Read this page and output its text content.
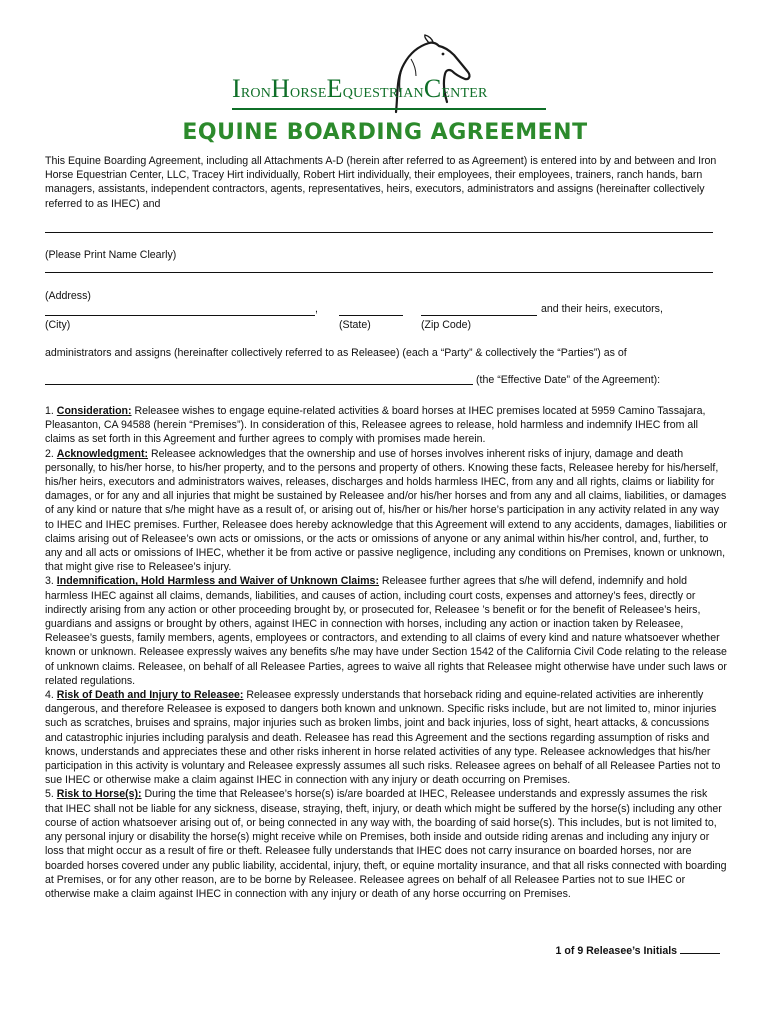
IRONHORSEEQUESTRIANCENTER
EQUINE BOARDING AGREEMENT
This Equine Boarding Agreement, including all Attachments A-D (herein after referred to as Agreement) is entered into by and between and Iron Horse Equestrian Center, LLC, Tracey Hirt individually, Robert Hirt individually, their employees, their employees, trainers, ranch hands, barn managers, assistants, independent contractors, agents, representatives, heirs, executors, administrators and assigns (hereinafter collectively referred to as IHEC) and
(Please Print Name Clearly)
(Address)
,	and their heirs, executors,
(City)	(State)	(Zip Code)
administrators and assigns (hereinafter collectively referred to as Releasee) (each a “Party” & collectively the “Parties”) as of
(the “Effective Date” of the Agreement):

1. Consideration: Releasee wishes to engage equine-related activities & board horses at IHEC premises located at 5959 Camino Tassajara, Pleasanton, CA 94588 (herein “Premises”). In consideration of this, Releasee agrees to release, hold harmless and indemnify IHEC from all claims as set forth in this Agreement and further agrees to comply with promises made herein.

2. Acknowledgment: Releasee acknowledges that the ownership and use of horses involves inherent risks of injury, damage and death personally, to his/her horse, to his/her property, and to the persons and property of others. Knowing these facts, Releasee hereby for his/herself, his/her heirs, executors and administrators waives, releases, discharges and holds harmless IHEC, from any and all rights, claims or liability for damages, or for any and all injuries that might be sustained by Releasee and/or his/her horses and from any and all claims, liabilities, or damages of any kind or nature that s/he might have as a result of, or arising out of, his/her or his/her horse’s participation in any activity related in any way to IHEC and IHEC premises. Further, Releasee does hereby acknowledge that this Agreement will extend to any accidents, damages, liabilities or claims arising out of Releasee’s own acts or omissions, or the acts or omissions of anyone or any animal within his/her control, and, further, to any and all acts or omissions of IHEC, whether it be from active or passive negligence, including any conditions on Premises, known or unknown, that might give rise to Releasee’s injury.

3. Indemnification, Hold Harmless and Waiver of Unknown Claims: Releasee further agrees that s/he will defend, indemnify and hold harmless IHEC against all claims, demands, liabilities, and causes of action, including court costs, expenses and attorney’s fees, directly or indirectly arising from any action or other proceeding brought by, or prosecuted for, Releasee ’s benefit or for the benefit of Releasee’s heirs, guardians and assigns or brought by others, against IHEC in connection with horses, including any action or inaction taken by Releasee, Releasee’s guests, family members, agents, employees or contractors, and extending to all claims of every kind and nature whatsoever whether known or unknown. Releasee expressly waives any benefits s/he may have under Section 1542 of the California Civil Code relating to the release of unknown claims. Releasee, on behalf of all Releasee Parties, agrees to waive all rights that Releasee might otherwise have under such laws or related regulations.

4. Risk of Death and Injury to Releasee: Releasee expressly understands that horseback riding and equine-related activities are inherently dangerous, and therefore Releasee is exposed to dangers both known and unknown. Specific risks include, but are not limited to, minor injuries such as scratches, bruises and sprains, major injuries such as broken limbs, joint and back injuries, loss of sight, heart attacks, & concussions and catastrophic injuries including paralysis and death. Releasee has read this Agreement and the sections regarding assumption of risks and knows, understands and appreciates these and other risks inherent in horse related activities of any type. Releasee acknowledges that his/her participation in this activity is voluntary and Releasee expressly assumes all such risks. Releasee agrees on behalf of all Releasee Parties not to sue IHEC or otherwise make a claim against IHEC in connection with any injury or death occurring on Premises.

5. Risk to Horse(s): During the time that Releasee’s horse(s) is/are boarded at IHEC, Releasee understands and expressly assumes the risk that IHEC shall not be liable for any sickness, disease, straying, theft, injury, or death which might be suffered by the horse(s) including any other course of action whatsoever arising out of, or being connected in any way with, the boarding of said horse(s). This includes, but is not limited to, any personal injury or disability the horse(s) might receive while on Premises, both inside and outside riding arenas and including any injury or loss that might occur as a result of fire or theft. Releasee fully understands that IHEC does not carry insurance on boarded horses, nor are boarded horses covered under any public liability, accidental, injury, theft, or equine mortality insurance, and that all risks connected with boarding at Premises, or for any other reason, are to be borne by Releasee. Releasee agrees on behalf of all Releasee Parties not to sue IHEC or otherwise make a claim against IHEC in connection with any injury or death of any horse occurring on Premises.

1 of 9 Releasee’s Initials
